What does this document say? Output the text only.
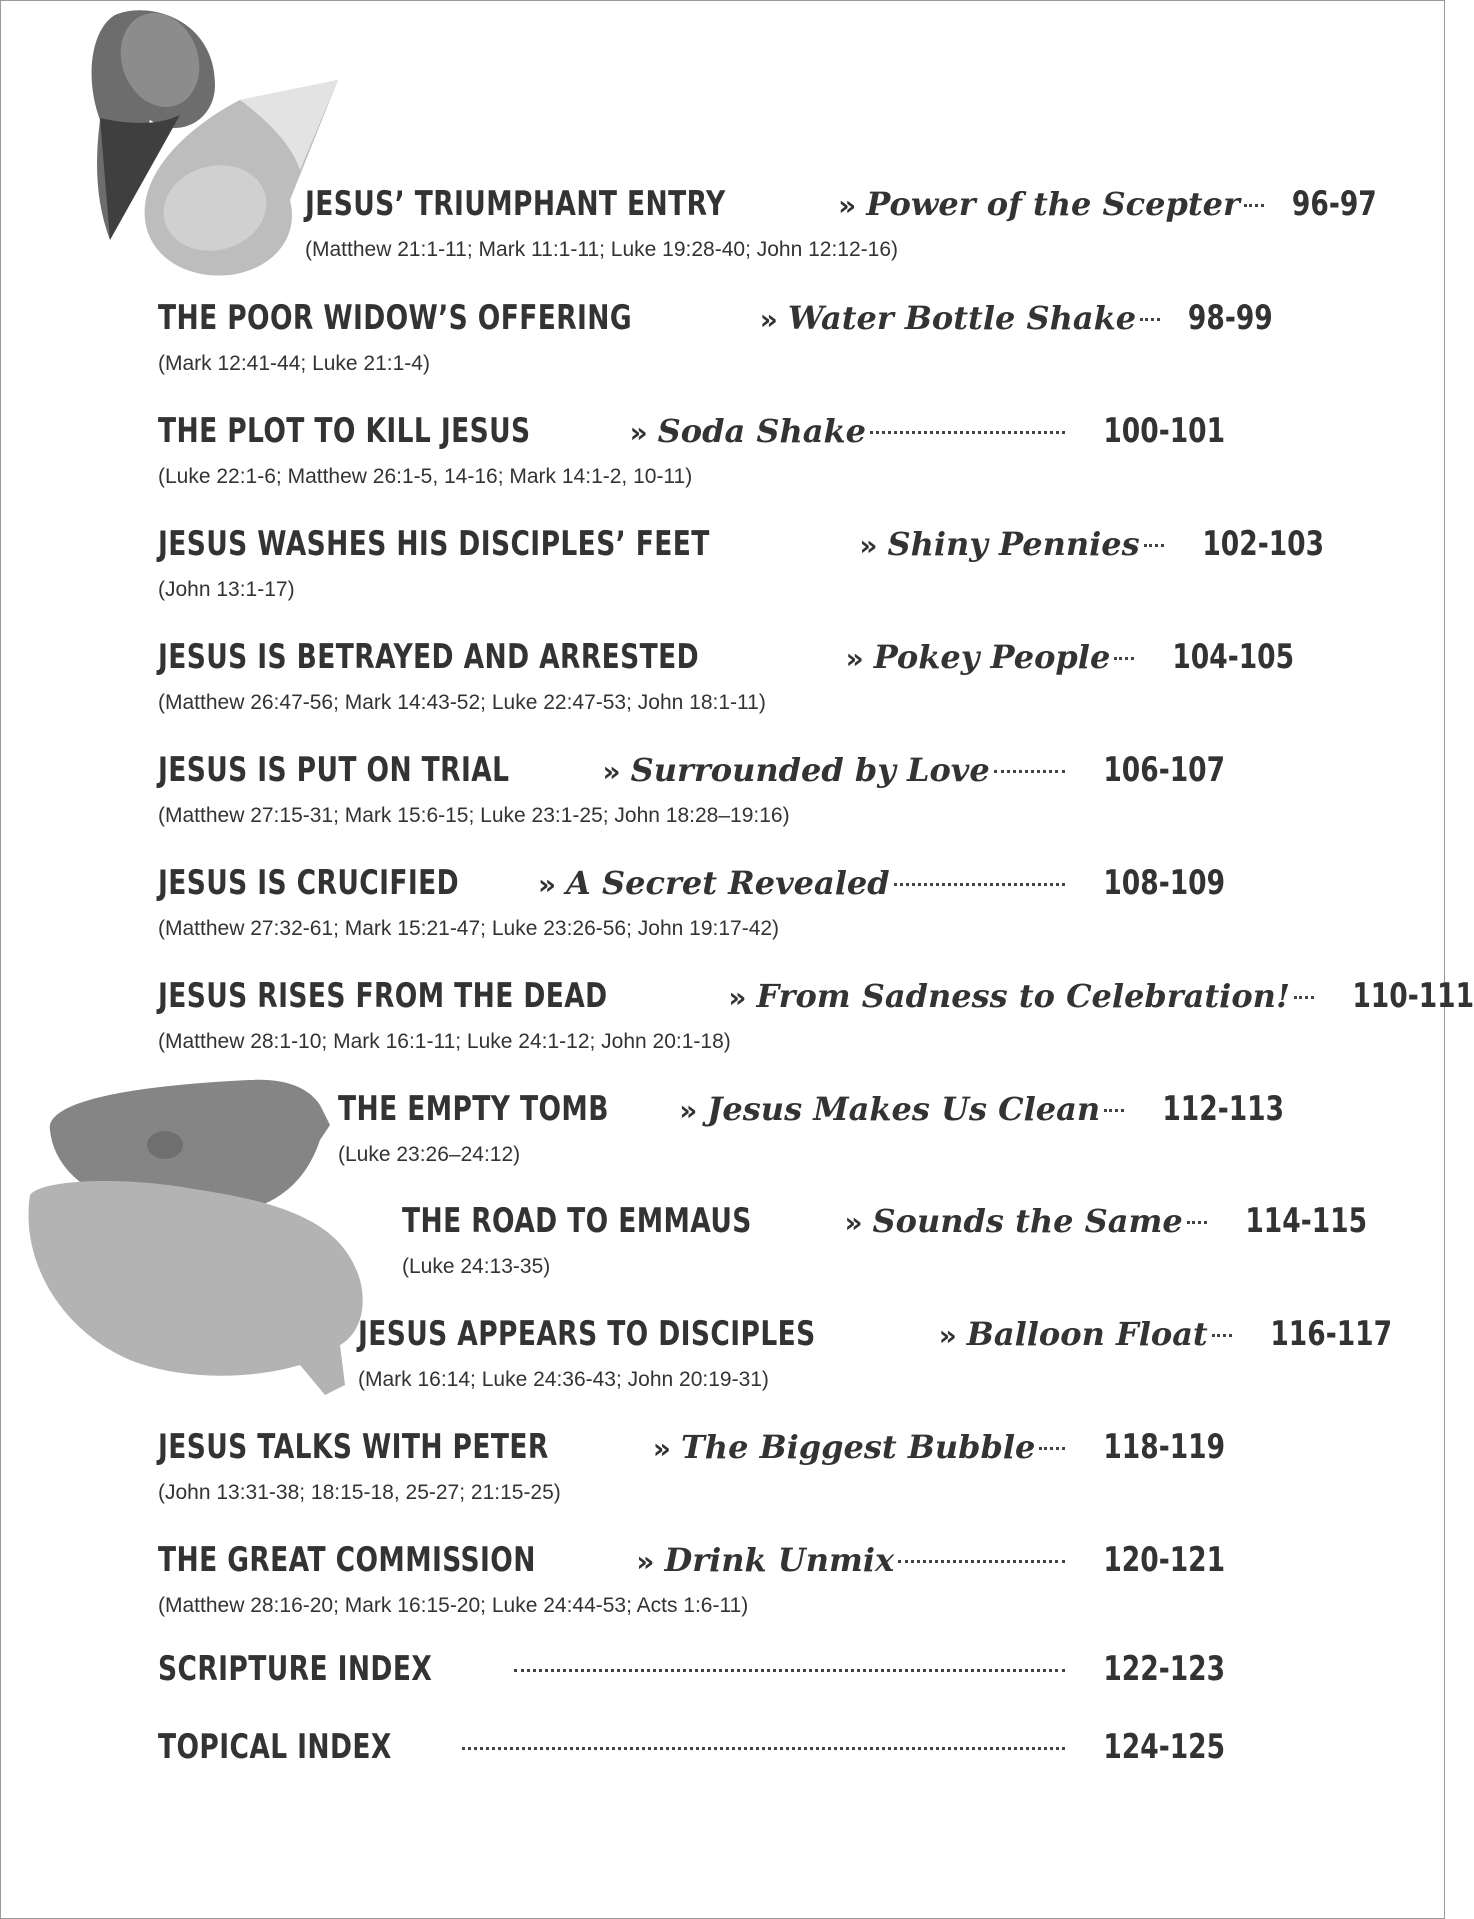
JESUS’ TRIUMPHANT ENTRY	» Power of the Scepter 96-97
(Matthew 21:1-11; Mark 11:1-11; Luke 19:28-40; John 12:12-16)
THE POOR WIDOW’S OFFERING	» Water Bottle Shake 98-99
(Mark 12:41-44; Luke 21:1-4)
THE PLOT TO KILL JESUS	» Soda Shake	100-101
(Luke 22:1-6; Matthew 26:1-5, 14-16; Mark 14:1-2, 10-11)
JESUS WASHES HIS DISCIPLES’ FEET	» Shiny Pennies 102-103
(John 13:1-17)
JESUS IS BETRAYED AND ARRESTED	» Pokey People 104-105
(Matthew 26:47-56; Mark 14:43-52; Luke 22:47-53; John 18:1-11)
JESUS IS PUT ON TRIAL	» Surrounded by Love	106-107
(Matthew 27:15-31; Mark 15:6-15; Luke 23:1-25; John 18:28–19:16)
JESUS IS CRUCIFIED	» A Secret Revealed	108-109
(Matthew 27:32-61; Mark 15:21-47; Luke 23:26-56; John 19:17-42)
JESUS RISES FROM THE DEAD	» From Sadness to Celebration! 110-111
(Matthew 28:1-10; Mark 16:1-11; Luke 24:1-12; John 20:1-18)
THE EMPTY TOMB	» Jesus Makes Us Clean 112-113
(Luke 23:26–24:12)
THE ROAD TO EMMAUS	» Sounds the Same 114-115
(Luke 24:13-35)
JESUS APPEARS TO DISCIPLES	» Balloon Float 116-117
(Mark 16:14; Luke 24:36-43; John 20:19-31)
JESUS TALKS WITH PETER	» The Biggest Bubble 118-119
(John 13:31-38; 18:15-18, 25-27; 21:15-25)
THE GREAT COMMISSION	» Drink Unmix	120-121
(Matthew 28:16-20; Mark 16:15-20; Luke 24:44-53; Acts 1:6-11)
SCRIPTURE INDEX	122-123
TOPICAL INDEX	124-125
